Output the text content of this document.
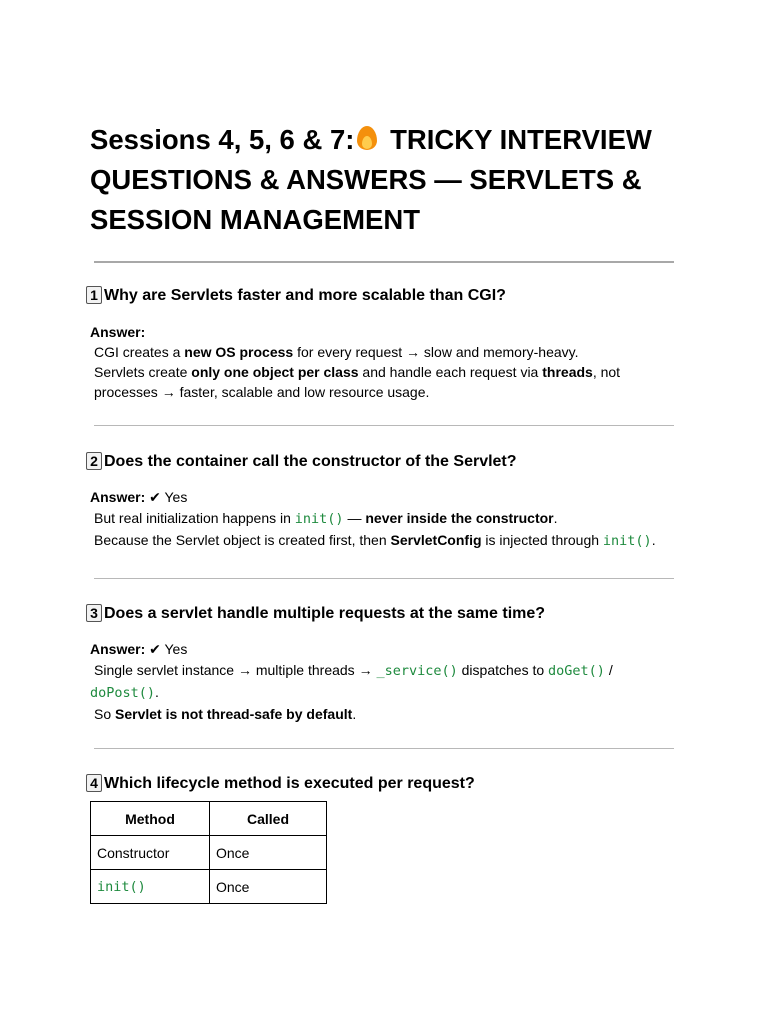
Sessions 4, 5, 6 & 7: TRICKY INTERVIEW QUESTIONS & ANSWERS — SERVLETS & SESSION MANAGEMENT
1 Why are Servlets faster and more scalable than CGI?

Answer:

CGI creates a new OS process for every request → slow and memory-heavy.

Servlets create only one object per class and handle each request via threads, not processes → faster, scalable and low resource usage.

2 Does the container call the constructor of the Servlet?

Answer: ✔ Yes

But real initialization happens in init() — never inside the constructor.

Because the Servlet object is created first, then ServletConfig is injected through init().

3 Does a servlet handle multiple requests at the same time?

Answer: ✔ Yes

Single servlet instance → multiple threads → _service() dispatches to doGet() / doPost().

So Servlet is not thread-safe by default.

4 Which lifecycle method is executed per request?
Method	Called
Constructor	Once
init()	Once
